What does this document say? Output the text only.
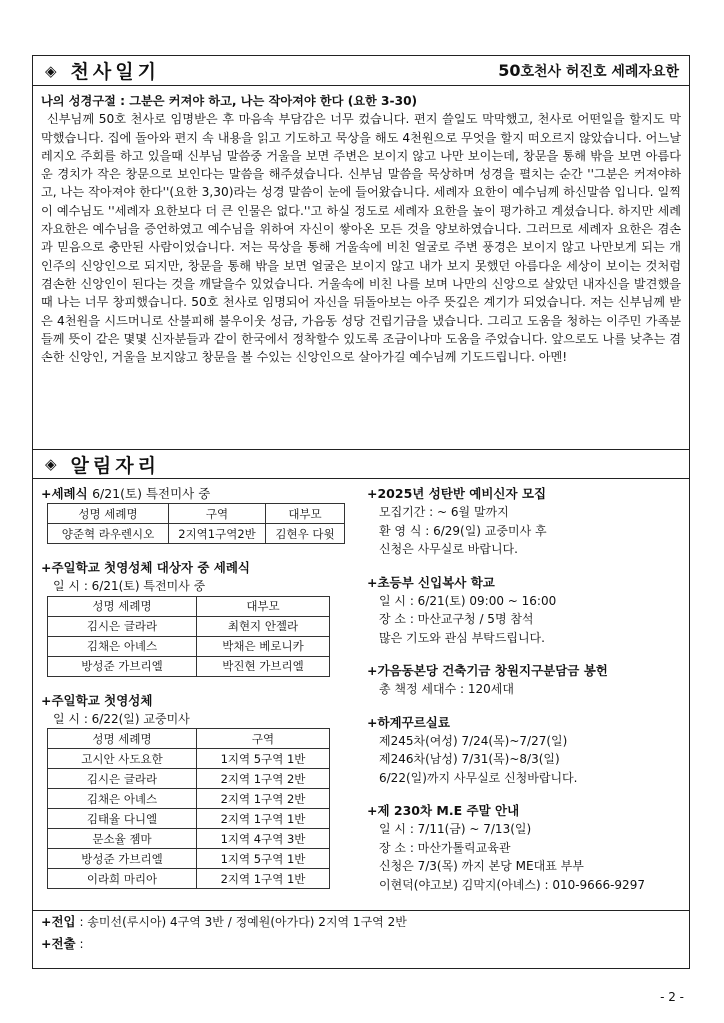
◈ 천사일기	50호천사 허진호 세례자요한
나의 성경구절 : 그분은 커져야 하고, 나는 작아져야 한다 (요한 3-30)

신부님께 50호 천사로 임명받은 후 마음속 부담감은 너무 컸습니다. 편지 쓸일도 막막했고, 천사로 어떤일을 할지도 막막했습니다. 집에 돌아와 편지 속 내용을 읽고 기도하고 묵상을 해도 4천원으로 무엇을 할지 떠오르지 않았습니다. 어느날 레지오 주회를 하고 있을때 신부님 말씀중 거울을 보면 주변은 보이지 않고 나만 보이는데, 창문을 통해 밖을 보면 아름다운 경치가 작은 창문으로 보인다는 말씀을 해주셨습니다. 신부님 말씀을 묵상하며 성경을 펼치는 순간 ''그분은 커져야하고, 나는 작아져야 한다''(요한 3,30)라는 성경 말씀이 눈에 들어왔습니다. 세례자 요한이 예수님께 하신말씀 입니다. 일찍이 예수님도 ''세례자 요한보다 더 큰 인물은 없다.''고 하실 정도로 세례자 요한을 높이 평가하고 계셨습니다. 하지만 세례자요한은 예수님을 증언하였고 예수님을 위하여 자신이 쌓아온 모든 것을 양보하였습니다. 그러므로 세례자 요한은 겸손과 믿음으로 충만된 사람이었습니다. 저는 묵상을 통해 거울속에 비친 얼굴로 주변 풍경은 보이지 않고 나만보게 되는 개인주의 신앙인으로 되지만, 창문을 통해 밖을 보면 얼굴은 보이지 않고 내가 보지 못했던 아름다운 세상이 보이는 것처럼 겸손한 신앙인이 된다는 것을 깨달을수 있었습니다. 거울속에 비친 나를 보며 나만의 신앙으로 살았던 내자신을 발견했을때 나는 너무 창피했습니다. 50호 천사로 임명되어 자신을 뒤돌아보는 아주 뜻깊은 계기가 되었습니다. 저는 신부님께 받은 4천원을 시드머니로 산불피해 불우이웃 성금, 가음동 성당 건립기금을 냈습니다. 그리고 도움을 청하는 이주민 가족분들께 뜻이 같은 몇몇 신자분들과 같이 한국에서 정착할수 있도록 조금이나마 도움을 주었습니다. 앞으로도 나를 낮추는 겸손한 신앙인, 거울을 보지않고 창문을 볼 수있는 신앙인으로 살아가길 예수님께 기도드립니다. 아멘!

◈ 알림자리
+세례식 6/21(토) 특전미사 중
성명 세례명	구역	대부모
양준혁 라우렌시오	2지역1구역2반	김현우 다윗
+주일학교 첫영성체 대상자 중 세례식
일 시 : 6/21(토) 특전미사 중
성명 세례명	대부모
김시은 글라라	최현지 안젤라
김채은 아녜스	박채은 베로니카
방성준 가브리엘	박진현 가브리엘
+주일학교 첫영성체
일 시 : 6/22(일) 교중미사
성명 세례명	구역
고시안 사도요한	1지역 5구역 1반
김시은 글라라	2지역 1구역 2반
김채은 아녜스	2지역 1구역 2반
김태율 다니엘	2지역 1구역 1반
문소율 젬마	1지역 4구역 3반
방성준 가브리엘	1지역 5구역 1반
이라희 마리아	2지역 1구역 1반
+2025년 성탄반 예비신자 모집
모집기간 : ~ 6월 말까지
환 영 식 : 6/29(일) 교중미사 후
신청은 사무실로 바랍니다.
+초등부 신입복사 학교
일 시 : 6/21(토) 09:00 ~ 16:00
장 소 : 마산교구청 / 5명 참석
많은 기도와 관심 부탁드립니다.
+가음동본당 건축기금 창원지구분담금 봉헌
총 책정 세대수 : 120세대
+하계꾸르실료
제245차(여성) 7/24(목)~7/27(일)
제246차(남성) 7/31(목)~8/3(일)
6/22(일)까지 사무실로 신청바랍니다.
+제 230차 M.E 주말 안내
일 시 : 7/11(금) ~ 7/13(일)
장 소 : 마산가톨릭교육관
신청은 7/3(목) 까지 본당 ME대표 부부
이현덕(야고보) 김막지(아녜스) : 010-9666-9297
+전입 : 송미선(루시아) 4구역 3반 / 정예원(아가다) 2지역 1구역 2반
+전출 :
- 2 -
